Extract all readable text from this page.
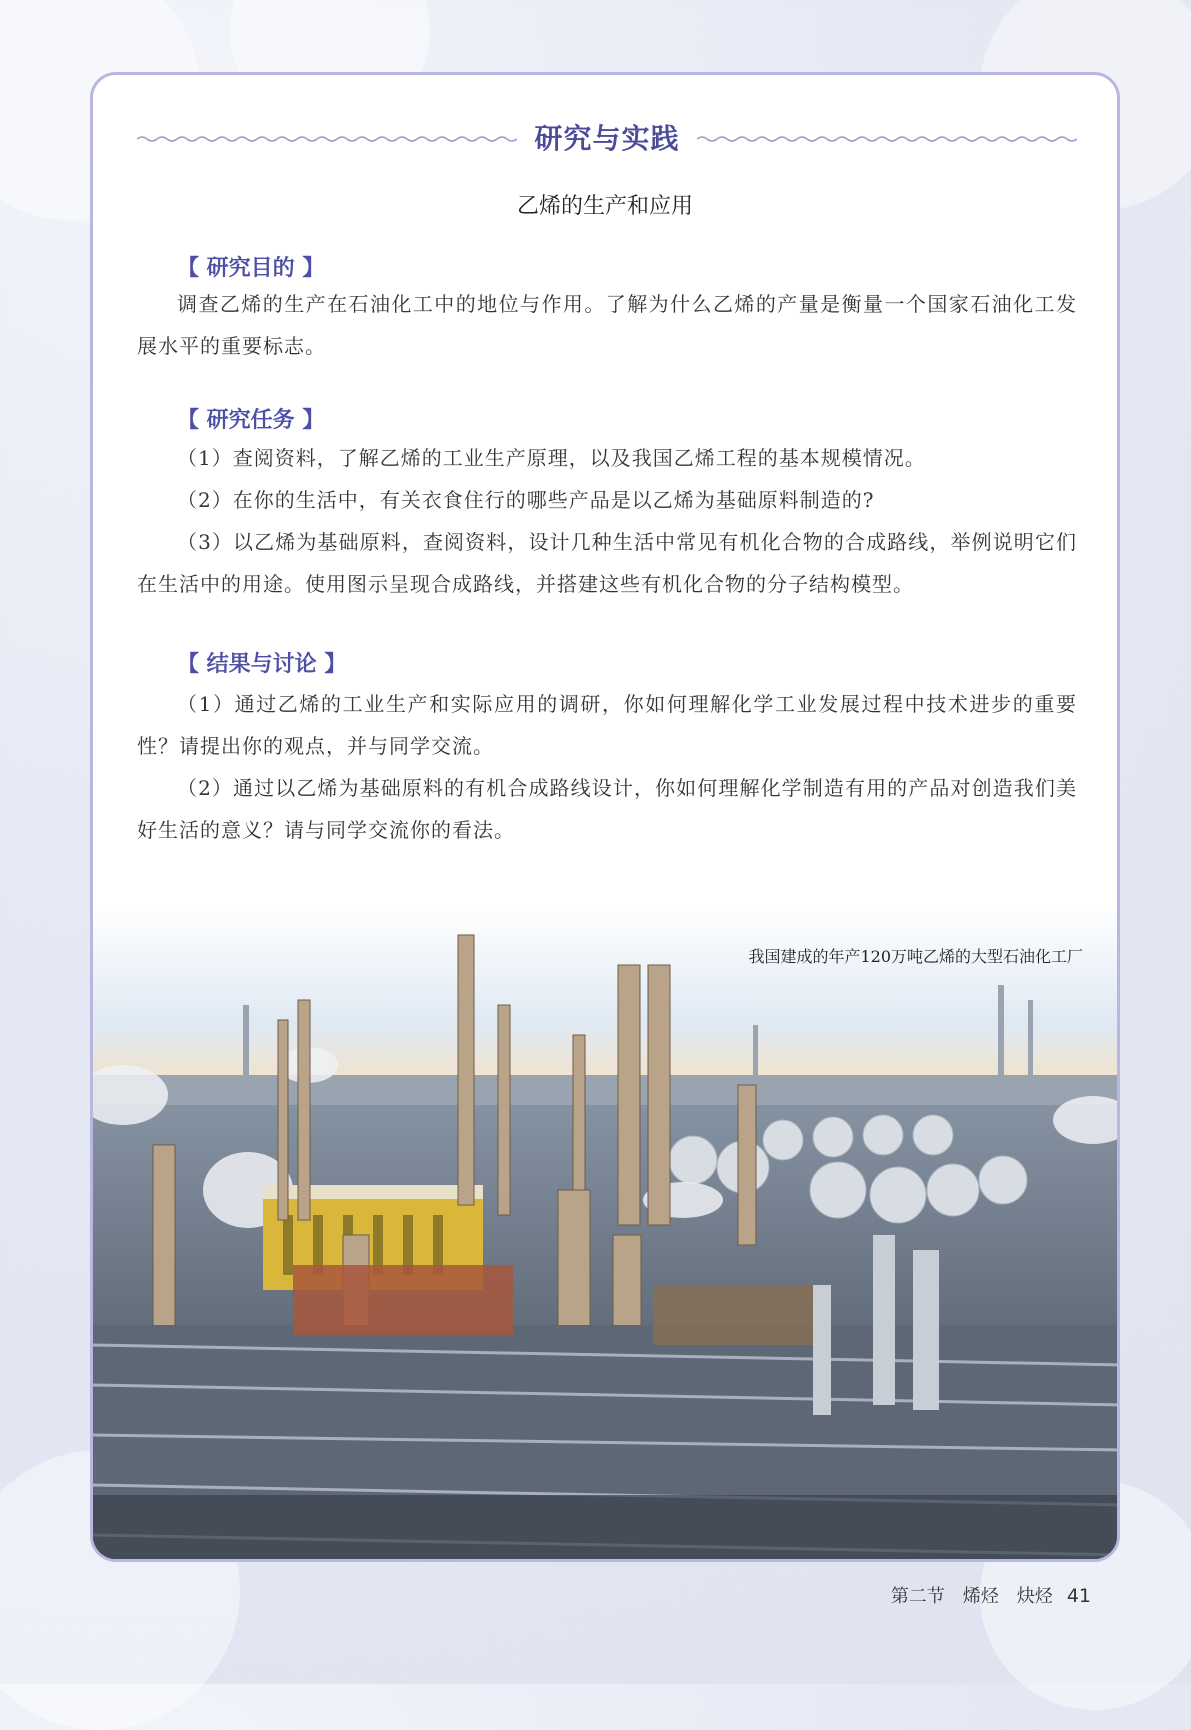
研究与实践
乙烯的生产和应用
【 研究目的 】

调查乙烯的生产在石油化工中的地位与作用。了解为什么乙烯的产量是衡量一个国家石油化工发展水平的重要标志。

【 研究任务 】

（1）查阅资料，了解乙烯的工业生产原理，以及我国乙烯工程的基本规模情况。

（2）在你的生活中，有关衣食住行的哪些产品是以乙烯为基础原料制造的?

（3）以乙烯为基础原料，查阅资料，设计几种生活中常见有机化合物的合成路线，举例说明它们在生活中的用途。使用图示呈现合成路线，并搭建这些有机化合物的分子结构模型。

【 结果与讨论 】

（1）通过乙烯的工业生产和实际应用的调研，你如何理解化学工业发展过程中技术进步的重要性？请提出你的观点，并与同学交流。

（2）通过以乙烯为基础原料的有机合成路线设计，你如何理解化学制造有用的产品对创造我们美好生活的意义？请与同学交流你的看法。

我国建成的年产120万吨乙烯的大型石油化工厂
第二节　烯烃　炔烃 41
